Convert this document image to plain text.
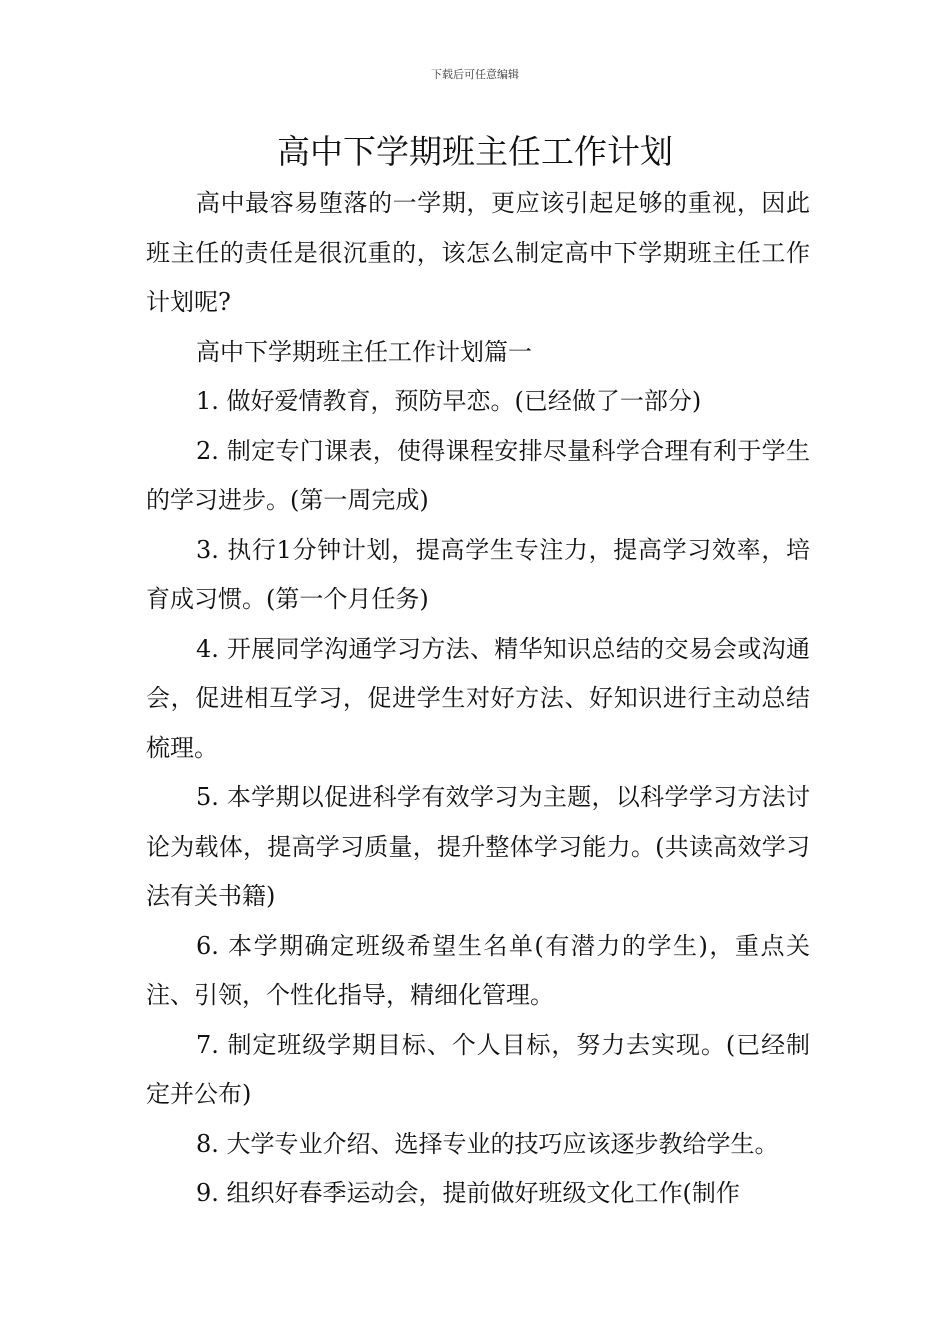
下载后可任意编辑
高中下学期班主任工作计划

高中最容易堕落的一学期，更应该引起足够的重视，因此班主任的责任是很沉重的，该怎么制定高中下学期班主任工作计划呢?

高中下学期班主任工作计划篇一

1. 做好爱情教育，预防早恋。(已经做了一部分)

2. 制定专门课表，使得课程安排尽量科学合理有利于学生的学习进步。(第一周完成)

3. 执行1分钟计划，提高学生专注力，提高学习效率，培育成习惯。(第一个月任务)

4. 开展同学沟通学习方法、精华知识总结的交易会或沟通会，促进相互学习，促进学生对好方法、好知识进行主动总结梳理。

5. 本学期以促进科学有效学习为主题，以科学学习方法讨论为载体，提高学习质量，提升整体学习能力。(共读高效学习法有关书籍)

6. 本学期确定班级希望生名单(有潜力的学生)，重点关注、引领，个性化指导，精细化管理。

7. 制定班级学期目标、个人目标，努力去实现。(已经制定并公布)

8. 大学专业介绍、选择专业的技巧应该逐步教给学生。

9. 组织好春季运动会，提前做好班级文化工作(制作
